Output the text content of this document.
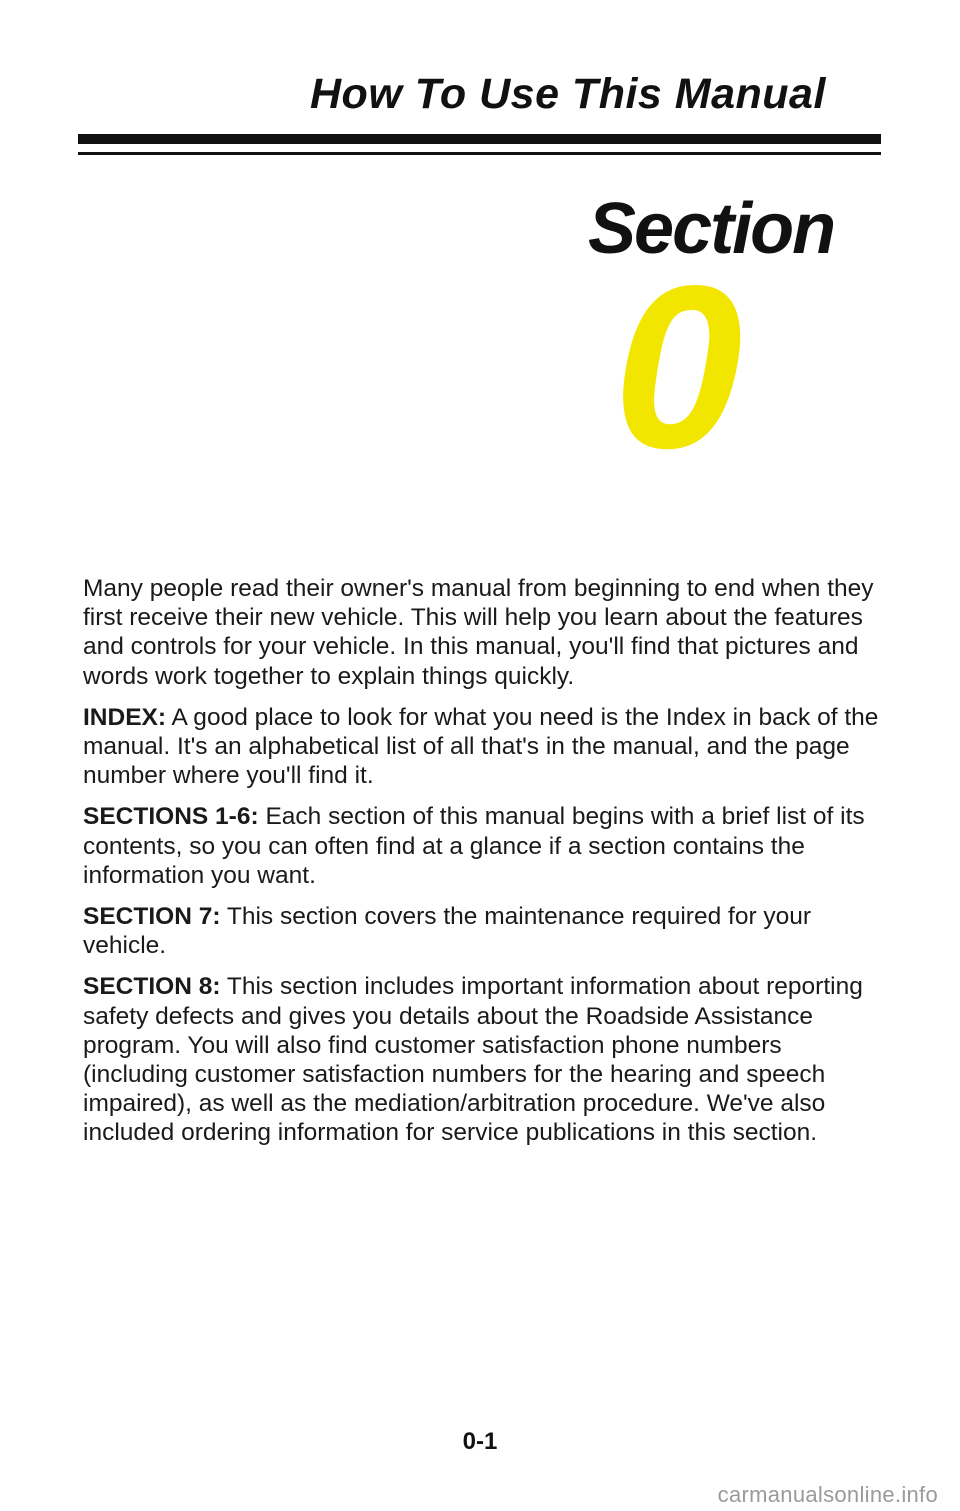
How To Use This Manual
Section
0

Many people read their owner's manual from beginning to end when they first receive their new vehicle. This will help you learn about the features and controls for your vehicle. In this manual, you'll find that pictures and words work together to explain things quickly.

INDEX: A good place to look for what you need is the Index in back of the manual. It's an alphabetical list of all that's in the manual, and the page number where you'll find it.

SECTIONS 1-6: Each section of this manual begins with a brief list of its contents, so you can often find at a glance if a section contains the information you want.

SECTION 7: This section covers the maintenance required for your vehicle.

SECTION 8: This section includes important information about reporting safety defects and gives you details about the Roadside Assistance program. You will also find customer satisfaction phone numbers (including customer satisfaction numbers for the hearing and speech impaired), as well as the mediation/arbitration procedure. We've also included ordering information for service publications in this section.

0-1
carmanualsonline.info
